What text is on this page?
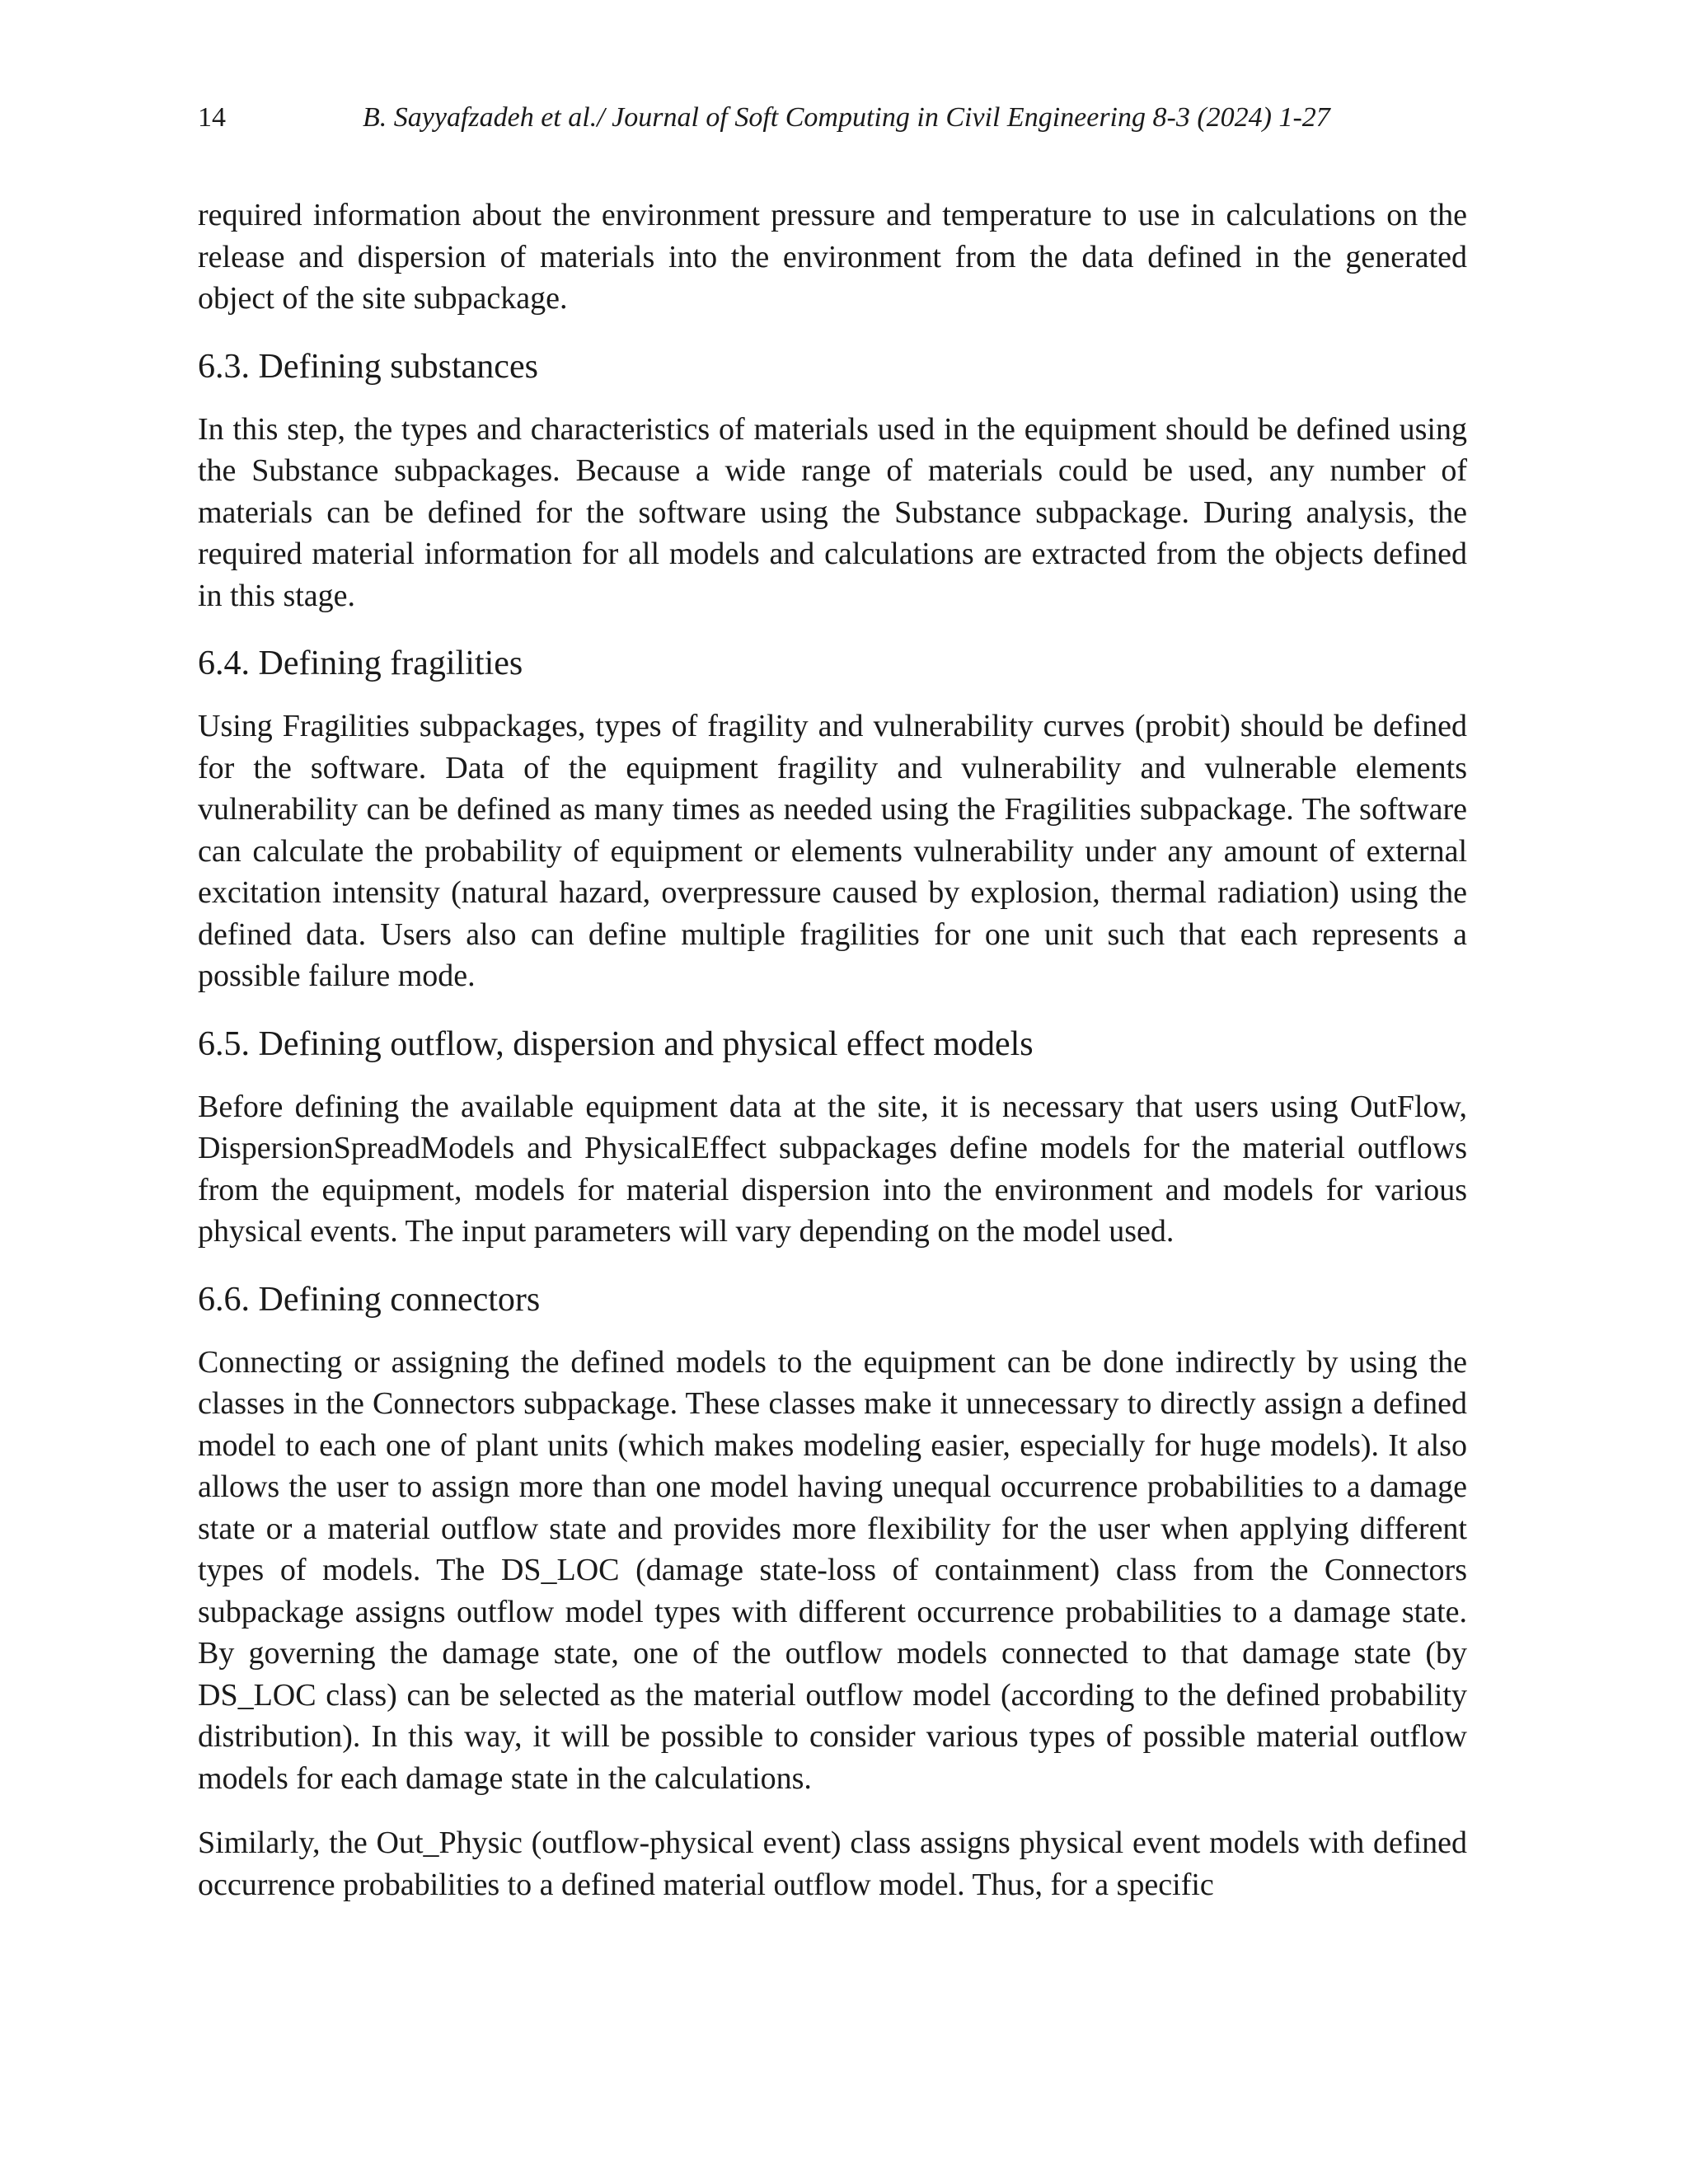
14	B. Sayyafzadeh et al./ Journal of Soft Computing in Civil Engineering 8-3 (2024) 1-27

required information about the environment pressure and temperature to use in calculations on the release and dispersion of materials into the environment from the data defined in the generated object of the site subpackage.

6.3. Defining substances

In this step, the types and characteristics of materials used in the equipment should be defined using the Substance subpackages. Because a wide range of materials could be used, any number of materials can be defined for the software using the Substance subpackage. During analysis, the required material information for all models and calculations are extracted from the objects defined in this stage.

6.4. Defining fragilities

Using Fragilities subpackages, types of fragility and vulnerability curves (probit) should be defined for the software. Data of the equipment fragility and vulnerability and vulnerable elements vulnerability can be defined as many times as needed using the Fragilities subpackage. The software can calculate the probability of equipment or elements vulnerability under any amount of external excitation intensity (natural hazard, overpressure caused by explosion, thermal radiation) using the defined data. Users also can define multiple fragilities for one unit such that each represents a possible failure mode.

6.5. Defining outflow, dispersion and physical effect models

Before defining the available equipment data at the site, it is necessary that users using OutFlow, DispersionSpreadModels and PhysicalEffect subpackages define models for the material outflows from the equipment, models for material dispersion into the environment and models for various physical events. The input parameters will vary depending on the model used.

6.6. Defining connectors

Connecting or assigning the defined models to the equipment can be done indirectly by using the classes in the Connectors subpackage. These classes make it unnecessary to directly assign a defined model to each one of plant units (which makes modeling easier, especially for huge models). It also allows the user to assign more than one model having unequal occurrence probabilities to a damage state or a material outflow state and provides more flexibility for the user when applying different types of models. The DS_LOC (damage state-loss of containment) class from the Connectors subpackage assigns outflow model types with different occurrence probabilities to a damage state. By governing the damage state, one of the outflow models connected to that damage state (by DS_LOC class) can be selected as the material outflow model (according to the defined probability distribution). In this way, it will be possible to consider various types of possible material outflow models for each damage state in the calculations.

Similarly, the Out_Physic (outflow-physical event) class assigns physical event models with defined occurrence probabilities to a defined material outflow model. Thus, for a specific
